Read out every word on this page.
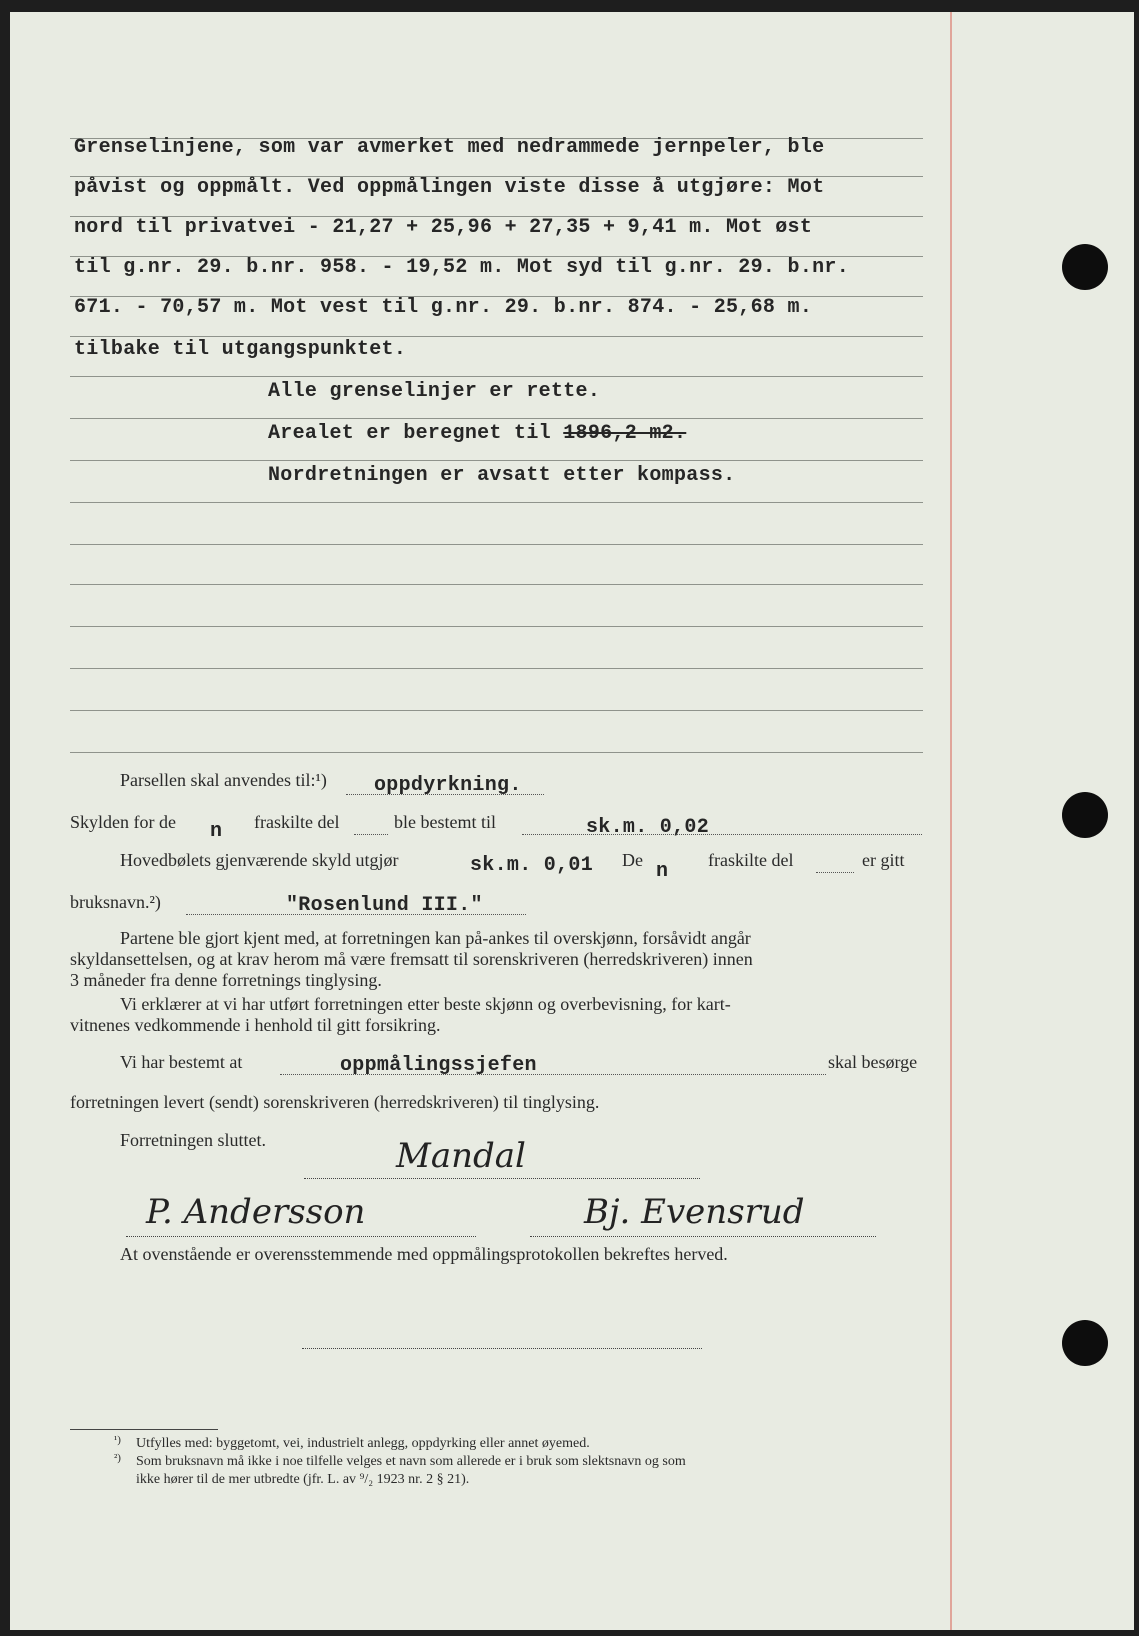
Grenselinjene, som var avmerket med nedrammede jernpeler, ble
påvist og oppmålt. Ved oppmålingen viste disse å utgjøre: Mot
nord til privatvei - 21,27 + 25,96 + 27,35 + 9,41 m. Mot øst
til g.nr. 29. b.nr. 958. - 19,52 m. Mot syd til g.nr. 29. b.nr.
671. - 70,57 m. Mot vest til g.nr. 29. b.nr. 874. - 25,68 m.
tilbake til utgangspunktet.
Alle grenselinjer er rette.
Arealet er beregnet til 1896,2 m2.
Nordretningen er avsatt etter kompass.
Parsellen skal anvendes til:¹) oppdyrkning.
Skylden for de n fraskilte del	ble bestemt til	sk.m. 0,02
Hovedbølets gjenværende skyld utgjør	sk.m. 0,01 De n fraskilte del	er gitt
bruksnavn.²)	"Rosenlund III."
Partene ble gjort kjent med, at forretningen kan på-ankes til overskjønn, forsåvidt angår
skyldansettelsen, og at krav herom må være fremsatt til sorenskriveren (herredskriveren) innen
3 måneder fra denne forretnings tinglysing.
Vi erklærer at vi har utført forretningen etter beste skjønn og overbevisning, for kart-
vitnenes vedkommende i henhold til gitt forsikring.
Vi har bestemt at	oppmålingssjefen	skal besørge
forretningen levert (sendt) sorenskriveren (herredskriveren) til tinglysing.
Forretningen sluttet.	Mandal
P. Andersson	Bj. Evensrud
At ovenstående er overensstemmende med oppmålingsprotokollen bekreftes herved.
¹) Utfylles med: byggetomt, vei, industrielt anlegg, oppdyrking eller annet øyemed.
²) Som bruksnavn må ikke i noe tilfelle velges et navn som allerede er i bruk som slektsnavn og som
ikke hører til de mer utbredte (jfr. L. av ⁹/₂ 1923 nr. 2 § 21).
